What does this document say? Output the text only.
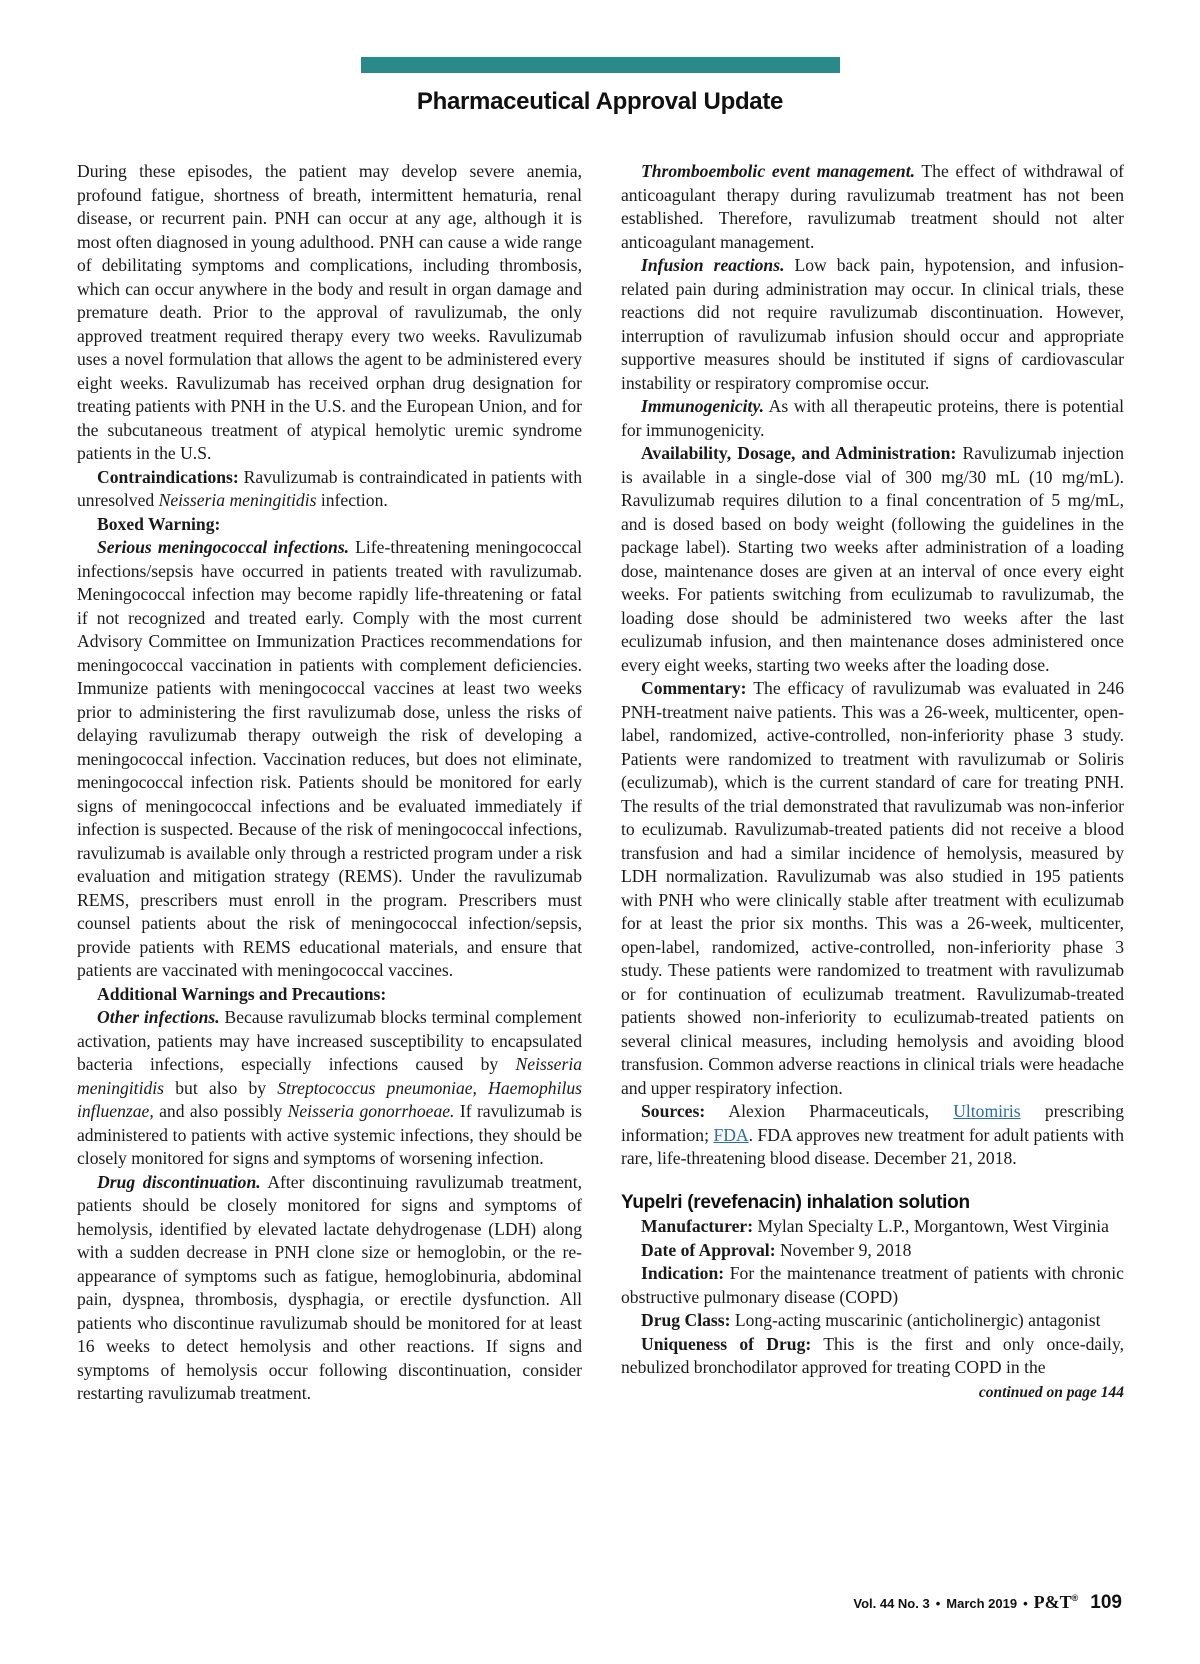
Pharmaceutical Approval Update

During these episodes, the patient may develop severe anemia, profound fatigue, shortness of breath, intermittent hematuria, renal disease, or recurrent pain. PNH can occur at any age, although it is most often diagnosed in young adulthood. PNH can cause a wide range of debilitating symptoms and complications, including thrombosis, which can occur anywhere in the body and result in organ damage and premature death. Prior to the approval of ravulizumab, the only approved treatment required therapy every two weeks. Ravulizumab uses a novel formulation that allows the agent to be administered every eight weeks. Ravulizumab has received orphan drug designation for treating patients with PNH in the U.S. and the European Union, and for the subcutaneous treatment of atypical hemolytic uremic syndrome patients in the U.S.

Contraindications: Ravulizumab is contraindicated in patients with unresolved Neisseria meningitidis infection.

Boxed Warning:

Serious meningococcal infections. Life-threatening meningococcal infections/sepsis have occurred in patients treated with ravulizumab. Meningococcal infection may become rapidly life-threatening or fatal if not recognized and treated early. Comply with the most current Advisory Committee on Immunization Practices recommendations for meningococcal vaccination in patients with complement deficiencies. Immunize patients with meningococcal vaccines at least two weeks prior to administering the first ravulizumab dose, unless the risks of delaying ravulizumab therapy outweigh the risk of developing a meningococcal infection. Vaccination reduces, but does not eliminate, meningococcal infection risk. Patients should be monitored for early signs of meningococcal infections and be evaluated immediately if infection is suspected. Because of the risk of meningococcal infections, ravulizumab is available only through a restricted program under a risk evaluation and mitigation strategy (REMS). Under the ravulizumab REMS, prescribers must enroll in the program. Prescribers must counsel patients about the risk of meningococcal infection/sepsis, provide patients with REMS educational materials, and ensure that patients are vaccinated with meningococcal vaccines.

Additional Warnings and Precautions:

Other infections. Because ravulizumab blocks terminal complement activation, patients may have increased susceptibility to encapsulated bacteria infections, especially infections caused by Neisseria meningitidis but also by Streptococcus pneumoniae, Haemophilus influenzae, and also possibly Neisseria gonorrhoeae. If ravulizumab is administered to patients with active systemic infections, they should be closely monitored for signs and symptoms of worsening infection.

Drug discontinuation. After discontinuing ravulizumab treatment, patients should be closely monitored for signs and symptoms of hemolysis, identified by elevated lactate dehydrogenase (LDH) along with a sudden decrease in PNH clone size or hemoglobin, or the re-appearance of symptoms such as fatigue, hemoglobinuria, abdominal pain, dyspnea, thrombosis, dysphagia, or erectile dysfunction. All patients who discontinue ravulizumab should be monitored for at least 16 weeks to detect hemolysis and other reactions. If signs and symptoms of hemolysis occur following discontinuation, consider restarting ravulizumab treatment.

Thromboembolic event management. The effect of withdrawal of anticoagulant therapy during ravulizumab treatment has not been established. Therefore, ravulizumab treatment should not alter anticoagulant management.

Infusion reactions. Low back pain, hypotension, and infusion-related pain during administration may occur. In clinical trials, these reactions did not require ravulizumab discontinuation. However, interruption of ravulizumab infusion should occur and appropriate supportive measures should be instituted if signs of cardiovascular instability or respiratory compromise occur.

Immunogenicity. As with all therapeutic proteins, there is potential for immunogenicity.

Availability, Dosage, and Administration: Ravulizumab injection is available in a single-dose vial of 300 mg/30 mL (10 mg/mL). Ravulizumab requires dilution to a final concentration of 5 mg/mL, and is dosed based on body weight (following the guidelines in the package label). Starting two weeks after administration of a loading dose, maintenance doses are given at an interval of once every eight weeks. For patients switching from eculizumab to ravulizumab, the loading dose should be administered two weeks after the last eculizumab infusion, and then maintenance doses administered once every eight weeks, starting two weeks after the loading dose.

Commentary: The efficacy of ravulizumab was evaluated in 246 PNH-treatment naive patients. This was a 26-week, multicenter, open-label, randomized, active-controlled, non-inferiority phase 3 study. Patients were randomized to treatment with ravulizumab or Soliris (eculizumab), which is the current standard of care for treating PNH. The results of the trial demonstrated that ravulizumab was non-inferior to eculizumab. Ravulizumab-treated patients did not receive a blood transfusion and had a similar incidence of hemolysis, measured by LDH normalization. Ravulizumab was also studied in 195 patients with PNH who were clinically stable after treatment with eculizumab for at least the prior six months. This was a 26-week, multicenter, open-label, randomized, active-controlled, non-inferiority phase 3 study. These patients were randomized to treatment with ravulizumab or for continuation of eculizumab treatment. Ravulizumab-treated patients showed non-inferiority to eculizumab-treated patients on several clinical measures, including hemolysis and avoiding blood transfusion. Common adverse reactions in clinical trials were headache and upper respiratory infection.

Sources: Alexion Pharmaceuticals, Ultomiris prescribing information; FDA. FDA approves new treatment for adult patients with rare, life-threatening blood disease. December 21, 2018.

Yupelri (revefenacin) inhalation solution

Manufacturer: Mylan Specialty L.P., Morgantown, West Virginia

Date of Approval: November 9, 2018

Indication: For the maintenance treatment of patients with chronic obstructive pulmonary disease (COPD)

Drug Class: Long-acting muscarinic (anticholinergic) antagonist

Uniqueness of Drug: This is the first and only once-daily, nebulized bronchodilator approved for treating COPD in the

continued on page 144
Vol. 44 No. 3 • March 2019 • P&T® 109
